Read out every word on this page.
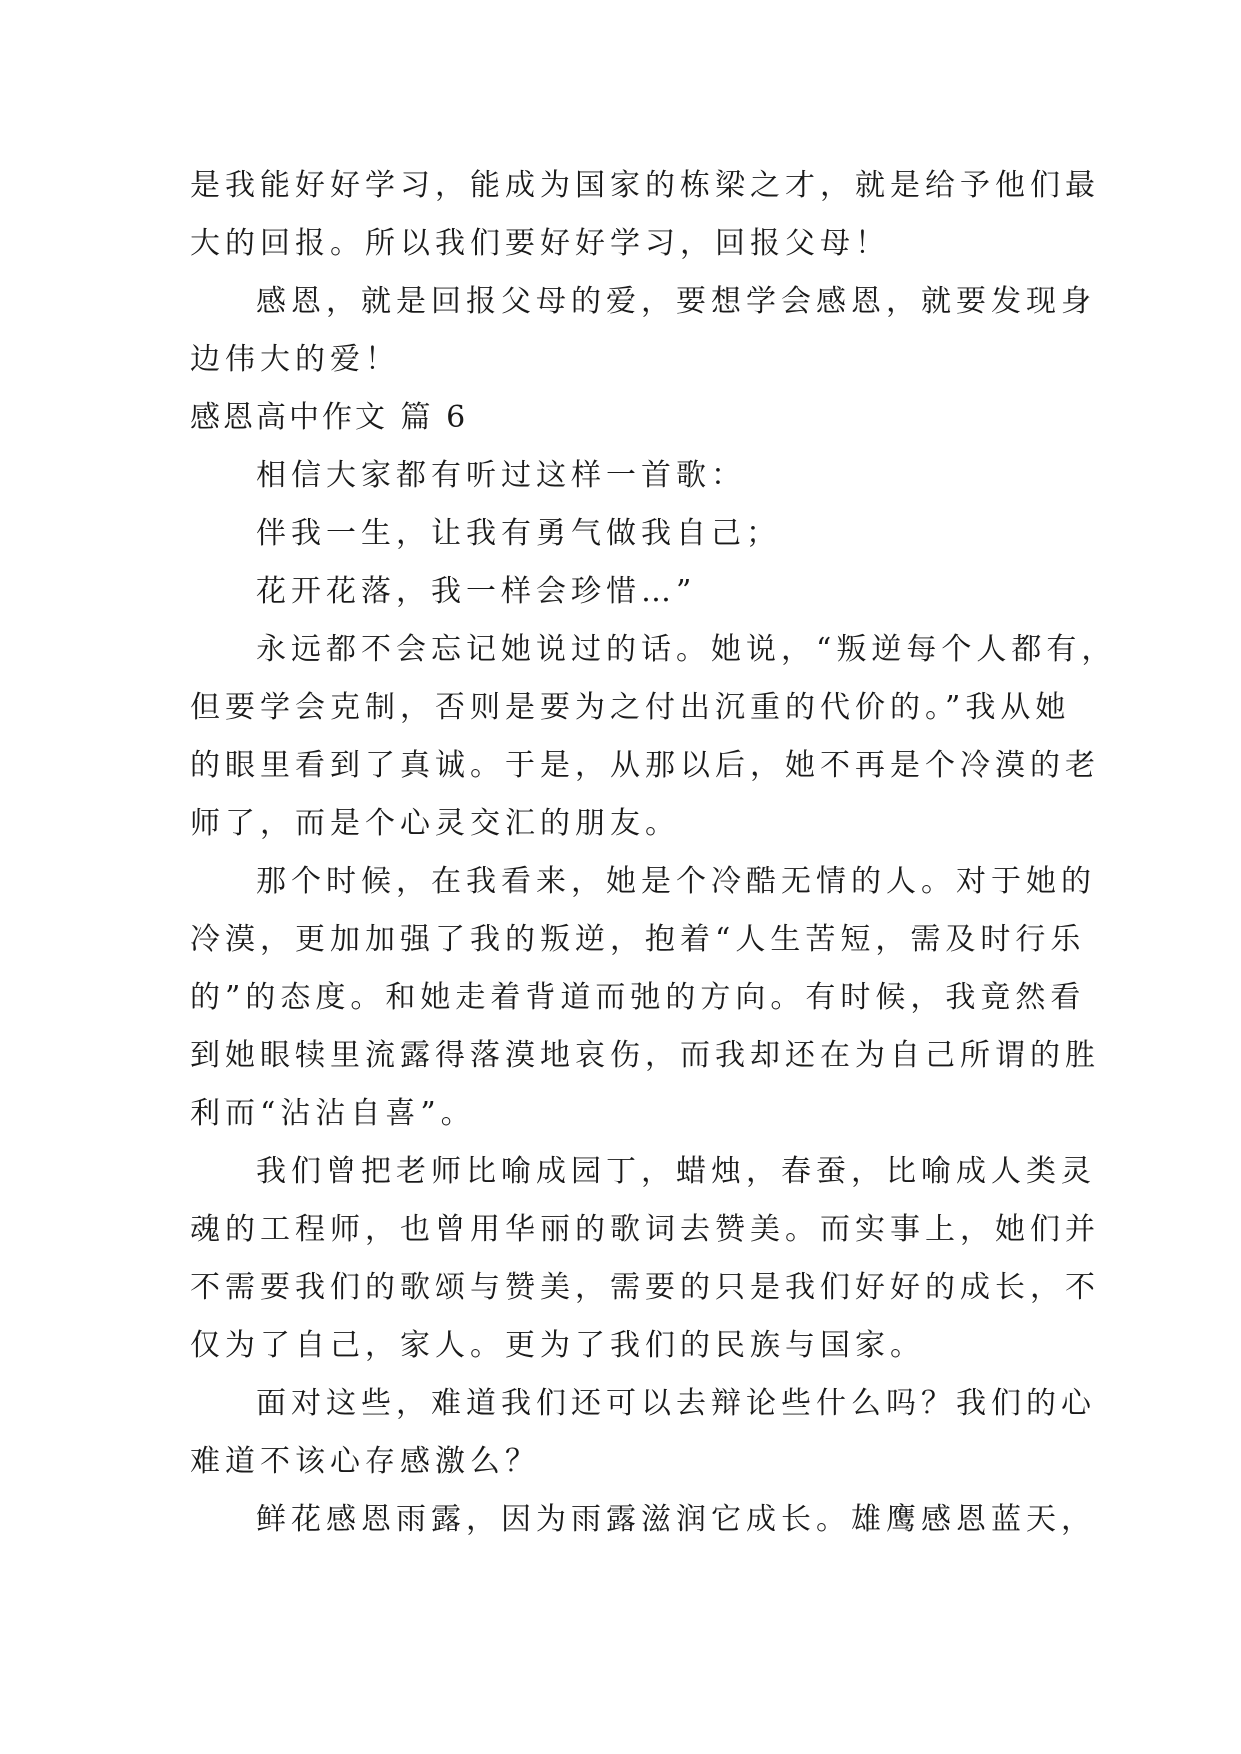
是我能好好学习，能成为国家的栋梁之才，就是给予他们最
大的回报。所以我们要好好学习，回报父母！
感恩，就是回报父母的爱，要想学会感恩，就要发现身
边伟大的爱！
感恩高中作文 篇 6
相信大家都有听过这样一首歌：
伴我一生，让我有勇气做我自己；
花开花落，我一样会珍惜…”
永远都不会忘记她说过的话。她说，“叛逆每个人都有，
但要学会克制，否则是要为之付出沉重的代价的。”我从她
的眼里看到了真诚。于是，从那以后，她不再是个冷漠的老
师了，而是个心灵交汇的朋友。
那个时候，在我看来，她是个冷酷无情的人。对于她的
冷漠，更加加强了我的叛逆，抱着“人生苦短，需及时行乐
的”的态度。和她走着背道而弛的方向。有时候，我竟然看
到她眼犊里流露得落漠地哀伤，而我却还在为自己所谓的胜
利而“沾沾自喜”。
我们曾把老师比喻成园丁，蜡烛，春蚕，比喻成人类灵
魂的工程师，也曾用华丽的歌词去赞美。而实事上，她们并
不需要我们的歌颂与赞美，需要的只是我们好好的成长，不
仅为了自己，家人。更为了我们的民族与国家。
面对这些，难道我们还可以去辩论些什么吗？我们的心
难道不该心存感激么？
鲜花感恩雨露，因为雨露滋润它成长。雄鹰感恩蓝天，
